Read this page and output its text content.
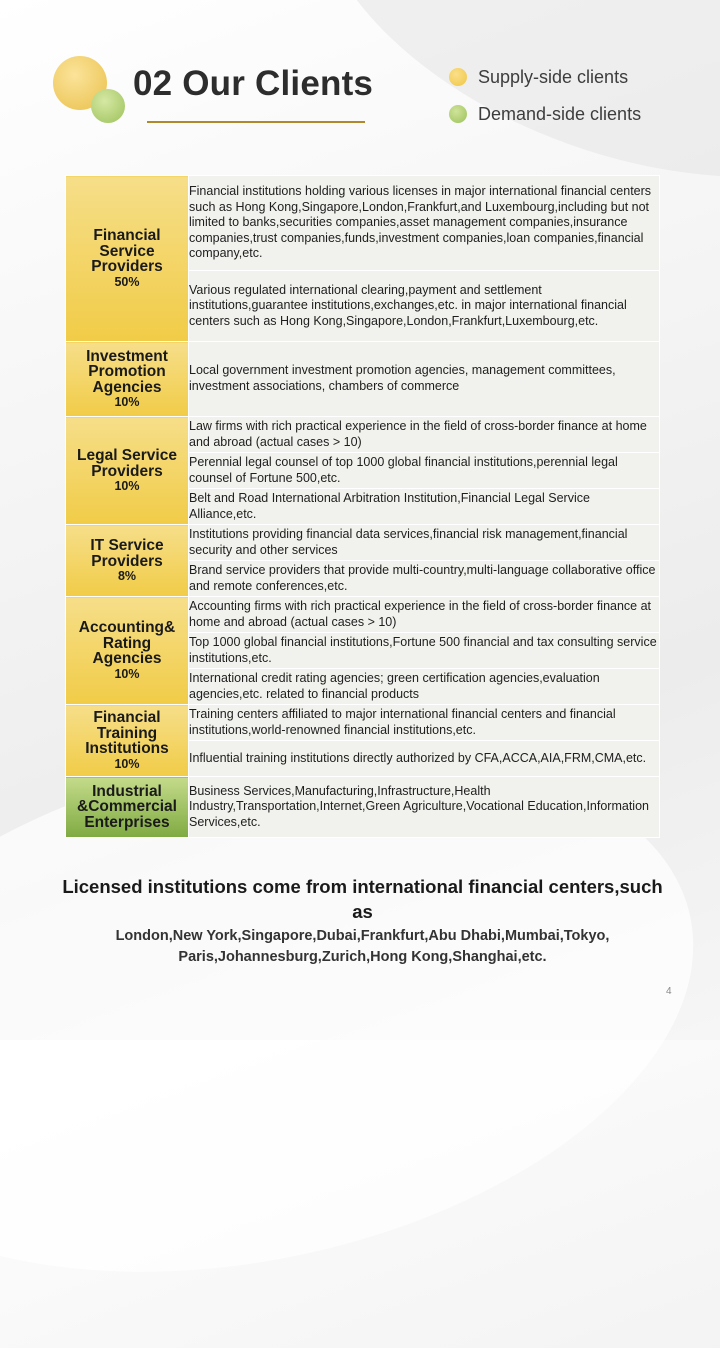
02 Our Clients	Supply-side clients
Demand-side clients
Financial Service Providers
50%	Financial institutions holding various licenses in major international financial centers such as Hong Kong,Singapore,London,Frankfurt,and Luxembourg,including but not limited to banks,securities companies,asset management companies,insurance companies,trust companies,funds,investment companies,loan companies,financial company,etc.
	Various regulated international clearing,payment and settlement institutions,guarantee institutions,exchanges,etc. in major international financial centers such as Hong Kong,Singapore,London,Frankfurt,Luxembourg,etc.

Investment Promotion Agencies
10%	Local government investment promotion agencies, management committees, investment associations, chambers of commerce

Legal Service Providers
10%	Law firms with rich practical experience in the field of cross-border finance at home and abroad (actual cases > 10)
	Perennial legal counsel of top 1000 global financial institutions,perennial legal counsel of Fortune 500,etc.
	Belt and Road International Arbitration Institution,Financial Legal Service Alliance,etc.

IT Service Providers
8%	Institutions providing financial data services,financial risk management,financial security and other services
	Brand service providers that provide multi-country,multi-language collaborative office and remote conferences,etc.

Accounting& Rating Agencies
10%	Accounting firms with rich practical experience in the field of cross-border finance at home and abroad (actual cases > 10)
	Top 1000 global financial institutions,Fortune 500 financial and tax consulting service institutions,etc.
	International credit rating agencies; green certification agencies,evaluation agencies,etc. related to financial products

Financial Training Institutions
10%	Training centers affiliated to major international financial centers and financial institutions,world-renowned financial institutions,etc.
	Influential training institutions directly authorized by CFA,ACCA,AIA,FRM,CMA,etc.

Industrial &Commercial Enterprises	Business Services,Manufacturing,Infrastructure,Health Industry,Transportation,Internet,Green Agriculture,Vocational Education,Information Services,etc.
Licensed institutions come from international financial centers,such as
London,New York,Singapore,Dubai,Frankfurt,Abu Dhabi,Mumbai,Tokyo, Paris,Johannesburg,Zurich,Hong Kong,Shanghai,etc.
4
